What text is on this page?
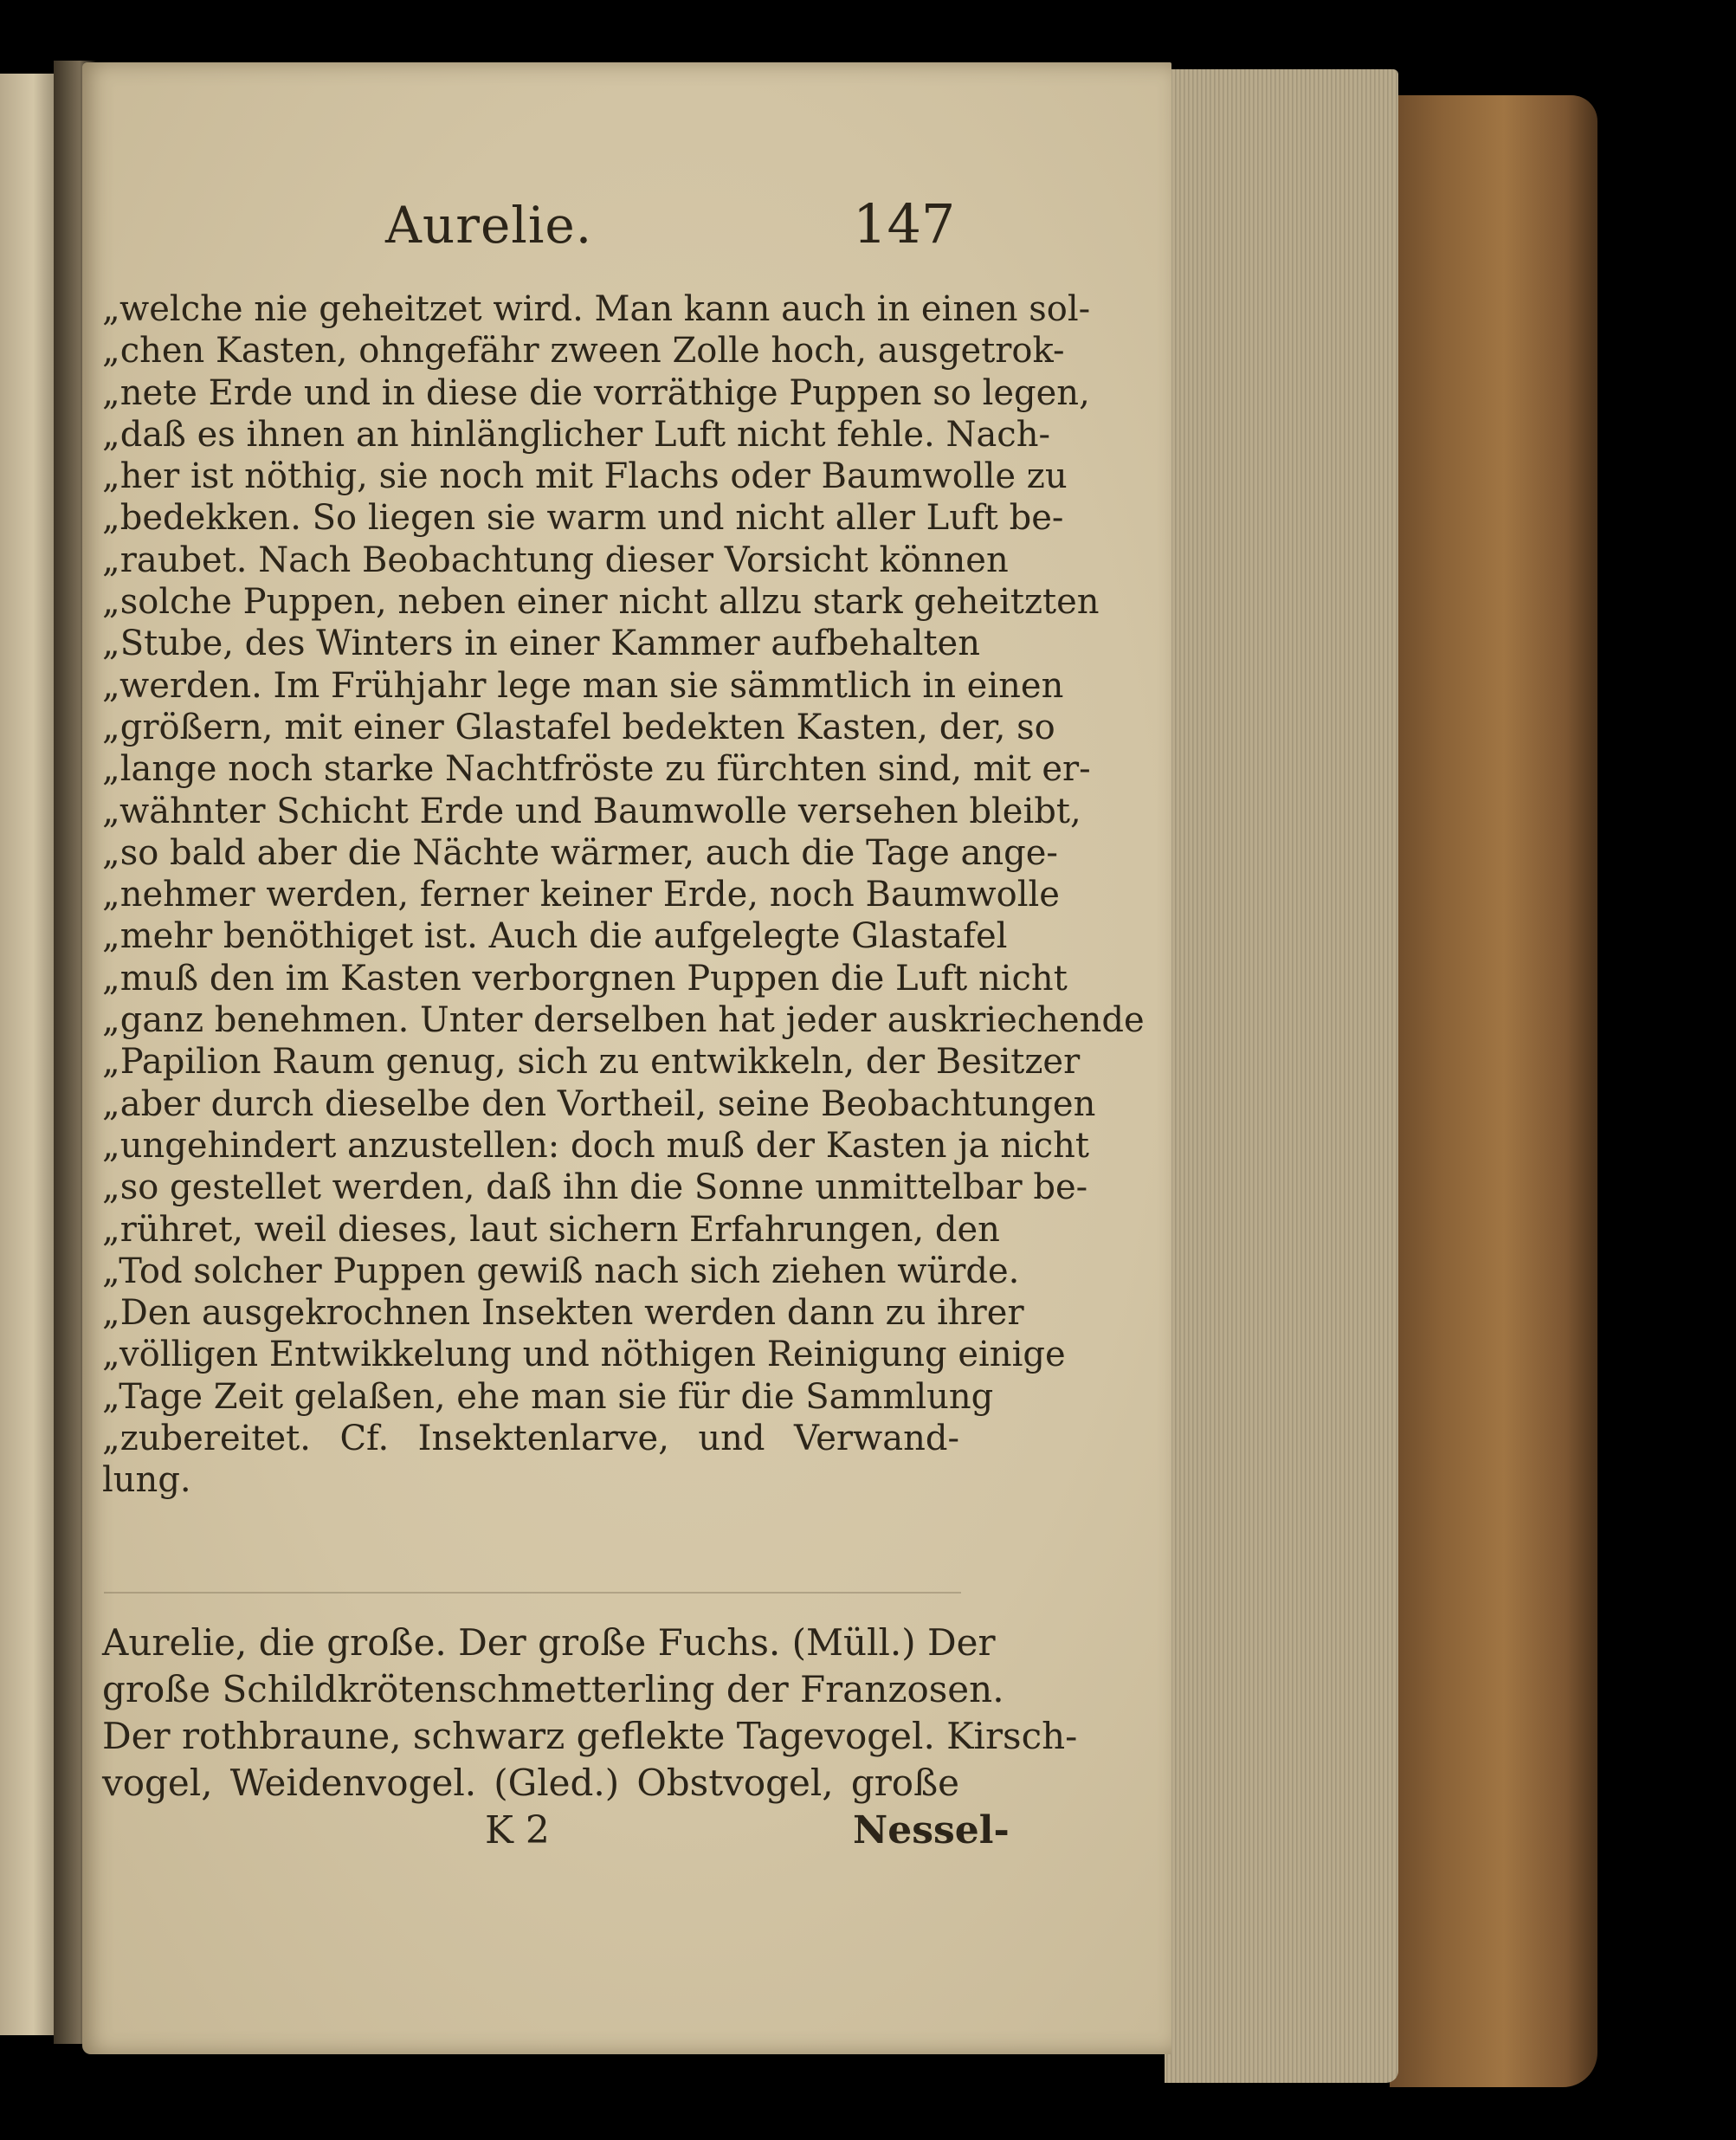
Aurelie.	147
„welche nie geheitzet wird. Man kann auch in einen sol-
„chen Kasten, ohngefähr zween Zolle hoch, ausgetrok-
„nete Erde und in diese die vorräthige Puppen so legen,
„daß es ihnen an hinlänglicher Luft nicht fehle. Nach-
„her ist nöthig, sie noch mit Flachs oder Baumwolle zu
„bedekken. So liegen sie warm und nicht aller Luft be-
„raubet. Nach Beobachtung dieser Vorsicht können
„solche Puppen, neben einer nicht allzu stark geheitzten
„Stube, des Winters in einer Kammer aufbehalten
„werden. Im Frühjahr lege man sie sämmtlich in einen
„größern, mit einer Glastafel bedekten Kasten, der, so
„lange noch starke Nachtfröste zu fürchten sind, mit er-
„wähnter Schicht Erde und Baumwolle versehen bleibt,
„so bald aber die Nächte wärmer, auch die Tage ange-
„nehmer werden, ferner keiner Erde, noch Baumwolle
„mehr benöthiget ist. Auch die aufgelegte Glastafel
„muß den im Kasten verborgnen Puppen die Luft nicht
„ganz benehmen. Unter derselben hat jeder auskriechende
„Papilion Raum genug, sich zu entwikkeln, der Besitzer
„aber durch dieselbe den Vortheil, seine Beobachtungen
„ungehindert anzustellen: doch muß der Kasten ja nicht
„so gestellet werden, daß ihn die Sonne unmittelbar be-
„rühret, weil dieses, laut sichern Erfahrungen, den
„Tod solcher Puppen gewiß nach sich ziehen würde.
„Den ausgekrochnen Insekten werden dann zu ihrer
„völligen Entwikkelung und nöthigen Reinigung einige
„Tage Zeit gelaßen, ehe man sie für die Sammlung
„zubereitet. Cf. Insektenlarve, und Verwand-
lung.
Aurelie, die große. Der große Fuchs. (Müll.) Der
große Schildkrötenschmetterling der Franzosen.
Der rothbraune, schwarz geflekte Tagevogel. Kirsch-
vogel, Weidenvogel. (Gled.) Obstvogel, große
K 2	Nessel-
